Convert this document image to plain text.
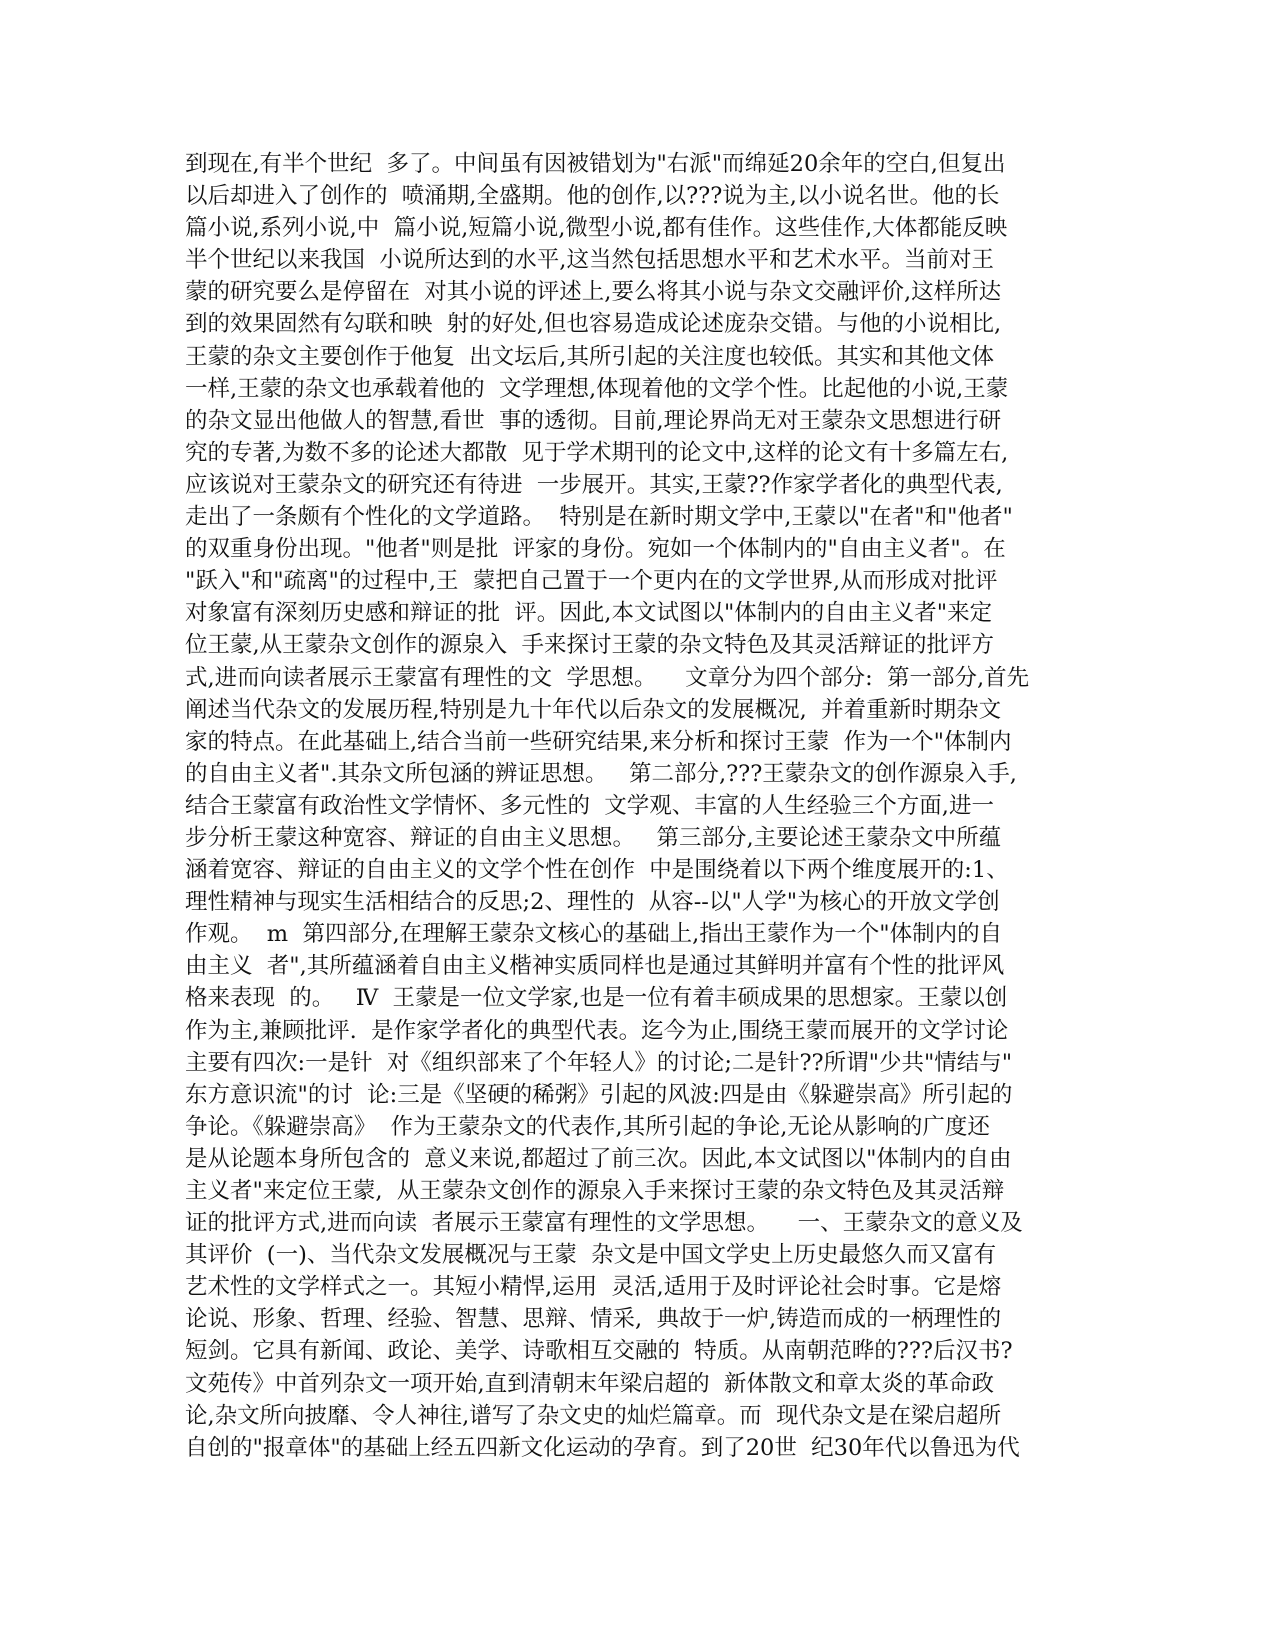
到现在,有半个世纪  多了。中间虽有因被错划为"右派"而绵延20余年的空白,但复出
以后却进入了创作的  喷涌期,全盛期。他的创作,以???说为主,以小说名世。他的长
篇小说,系列小说,中  篇小说,短篇小说,微型小说,都有佳作。这些佳作,大体都能反映
半个世纪以来我国  小说所达到的水平,这当然包括思想水平和艺术水平。当前对王
蒙的研究要么是停留在  对其小说的评述上,要么将其小说与杂文交融评价,这样所达
到的效果固然有勾联和映  射的好处,但也容易造成论述庞杂交错。与他的小说相比,
王蒙的杂文主要创作于他复  出文坛后,其所引起的关注度也较低。其实和其他文体
一样,王蒙的杂文也承载着他的  文学理想,体现着他的文学个性。比起他的小说,王蒙
的杂文显出他做人的智慧,看世  事的透彻。目前,理论界尚无对王蒙杂文思想进行研
究的专著,为数不多的论述大都散  见于学术期刊的论文中,这样的论文有十多篇左右,
应该说对王蒙杂文的研究还有待进  一步展开。其实,王蒙??作家学者化的典型代表,
走出了一条颇有个性化的文学道路。  特别是在新时期文学中,王蒙以"在者"和"他者"
的双重身份出现。"他者"则是批  评家的身份。宛如一个体制内的"自由主义者"。在
"跃入"和"疏离"的过程中,王  蒙把自己置于一个更内在的文学世界,从而形成对批评
对象富有深刻历史感和辩证的批  评。因此,本文试图以"体制内的自由主义者"来定
位王蒙,从王蒙杂文创作的源泉入  手来探讨王蒙的杂文特色及其灵活辩证的批评方
式,进而向读者展示王蒙富有理性的文  学思想。    文章分为四个部分:  第一部分,首先
阐述当代杂文的发展历程,特别是九十年代以后杂文的发展概况,  并着重新时期杂文
家的特点。在此基础上,结合当前一些研究结果,来分析和探讨王蒙  作为一个"体制内
的自由主义者".其杂文所包涵的辨证思想。   第二部分,???王蒙杂文的创作源泉入手,
结合王蒙富有政治性文学情怀、多元性的  文学观、丰富的人生经验三个方面,进一
步分析王蒙这种宽容、辩证的自由主义思想。   第三部分,主要论述王蒙杂文中所蕴
涵着宽容、辩证的自由主义的文学个性在创作  中是围绕着以下两个维度展开的:1、
理性精神与现实生活相结合的反思;2、理性的  从容--以"人学"为核心的开放文学创
作观。  m  第四部分,在理解王蒙杂文核心的基础上,指出王蒙作为一个"体制内的自
由主义  者",其所蕴涵着自由主义楷神实质同样也是通过其鲜明并富有个性的批评风
格来表现  的。   Ⅳ  王蒙是一位文学家,也是一位有着丰硕成果的思想家。王蒙以创
作为主,兼顾批评.  是作家学者化的典型代表。迄今为止,围绕王蒙而展开的文学讨论
主要有四次:一是针  对《组织部来了个年轻人》的讨论;二是针??所谓"少共"情结与"
东方意识流"的讨  论:三是《坚硬的稀粥》引起的风波:四是由《躲避崇高》所引起的
争论。《躲避崇高》  作为王蒙杂文的代表作,其所引起的争论,无论从影响的广度还
是从论题本身所包含的  意义来说,都超过了前三次。因此,本文试图以"体制内的自由
主义者"来定位王蒙,  从王蒙杂文创作的源泉入手来探讨王蒙的杂文特色及其灵活辩
证的批评方式,进而向读  者展示王蒙富有理性的文学思想。    一、王蒙杂文的意义及
其评价  (一)、当代杂文发展概况与王蒙  杂文是中国文学史上历史最悠久而又富有
艺术性的文学样式之一。其短小精悍,运用  灵活,适用于及时评论社会时事。它是熔
论说、形象、哲理、经验、智慧、思辩、情采,  典故于一炉,铸造而成的一柄理性的
短剑。它具有新闻、政论、美学、诗歌相互交融的  特质。从南朝范晔的???后汉书?
文苑传》中首列杂文一项开始,直到清朝末年梁启超的  新体散文和章太炎的革命政
论,杂文所向披靡、令人神往,谱写了杂文史的灿烂篇章。而  现代杂文是在梁启超所
自创的"报章体"的基础上经五四新文化运动的孕育。到了20世  纪30年代以鲁迅为代
